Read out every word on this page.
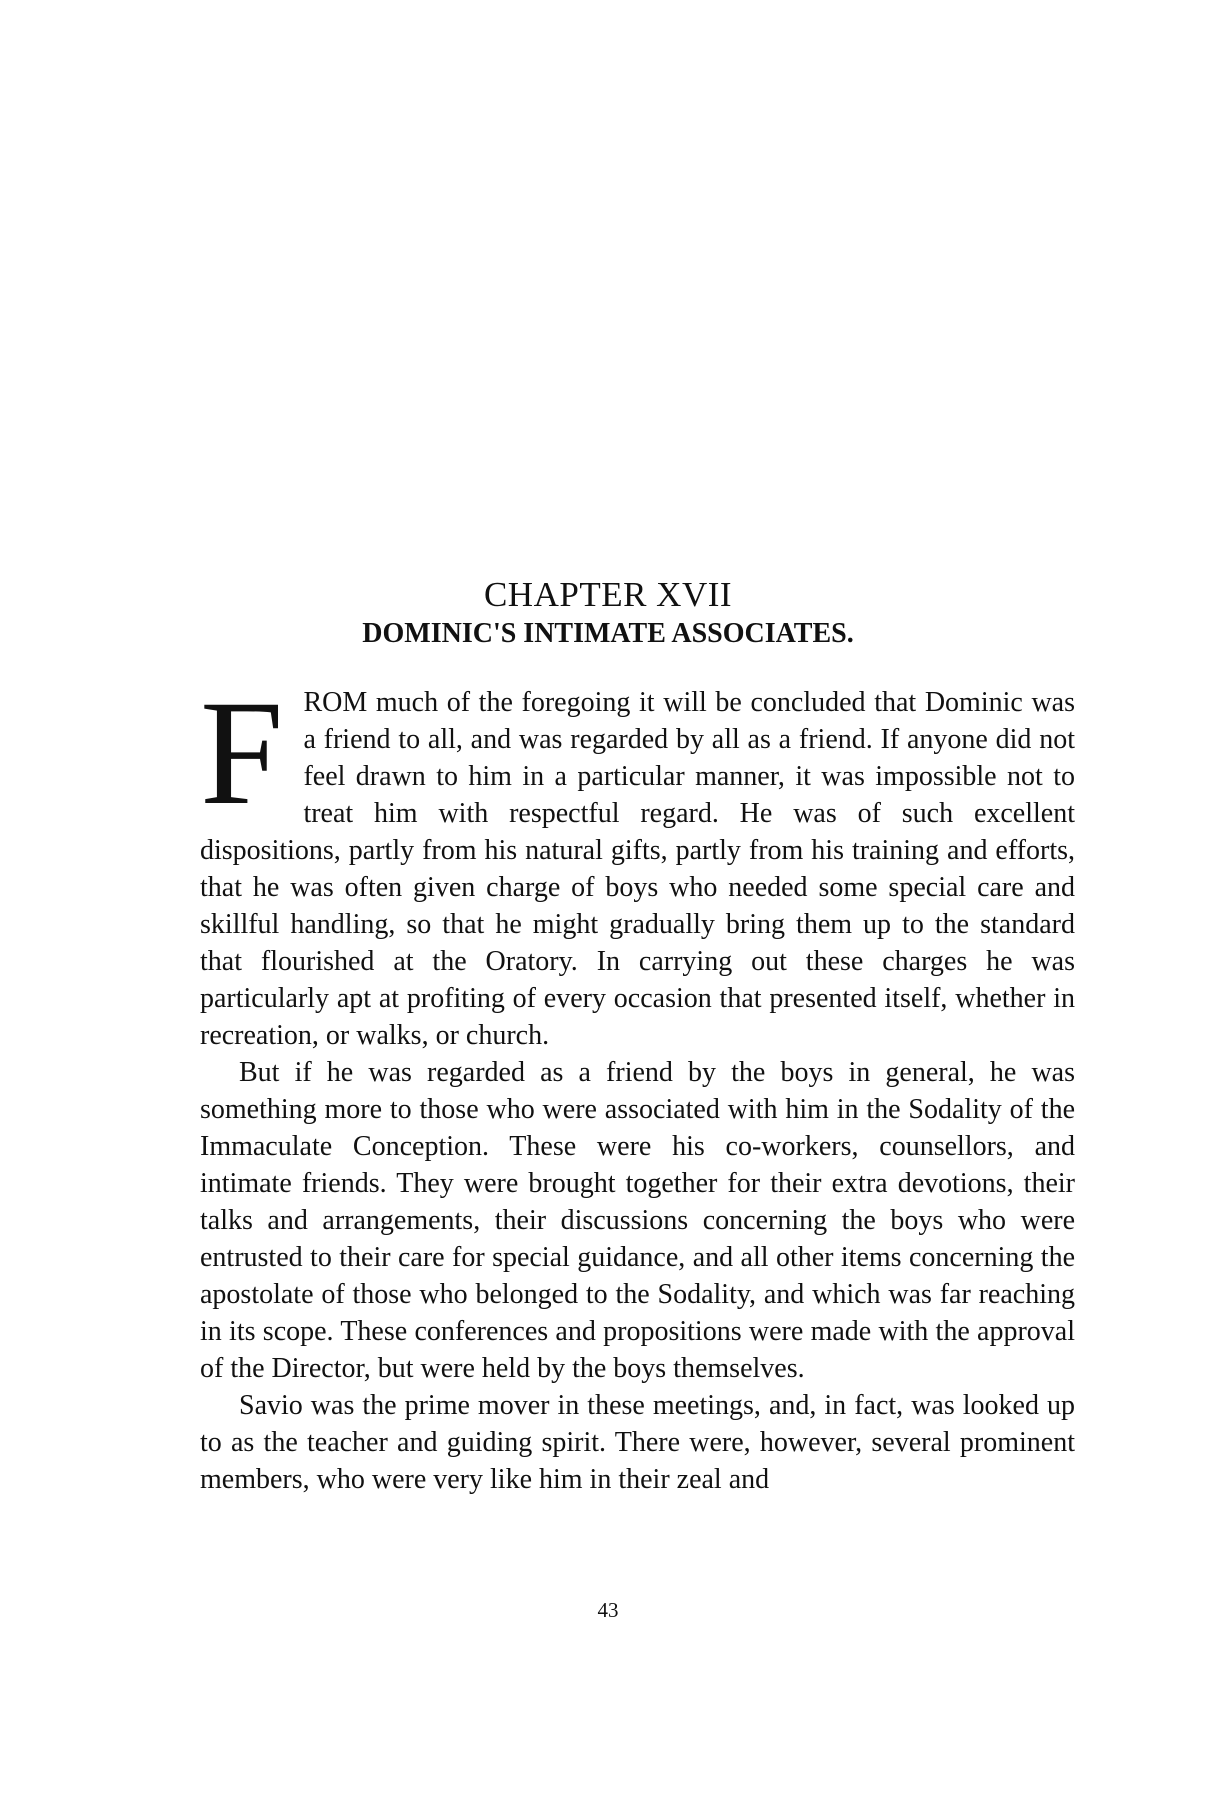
CHAPTER XVII
DOMINIC'S INTIMATE ASSOCIATES.

FROM much of the foregoing it will be concluded that Dominic was a friend to all, and was regarded by all as a friend. If anyone did not feel drawn to him in a particular manner, it was impossible not to treat him with respectful regard. He was of such excellent dispositions, partly from his natural gifts, partly from his training and efforts, that he was often given charge of boys who needed some special care and skillful handling, so that he might gradually bring them up to the standard that flourished at the Oratory. In carrying out these charges he was particularly apt at profiting of every occasion that presented itself, whether in recreation, or walks, or church.

But if he was regarded as a friend by the boys in general, he was something more to those who were associated with him in the Sodality of the Immaculate Conception. These were his co-workers, counsellors, and intimate friends. They were brought together for their extra devotions, their talks and arrangements, their discussions concerning the boys who were entrusted to their care for special guidance, and all other items concerning the apostolate of those who belonged to the Sodality, and which was far reaching in its scope. These conferences and propositions were made with the approval of the Director, but were held by the boys themselves.

Savio was the prime mover in these meetings, and, in fact, was looked up to as the teacher and guiding spirit. There were, however, several prominent members, who were very like him in their zeal and

43
